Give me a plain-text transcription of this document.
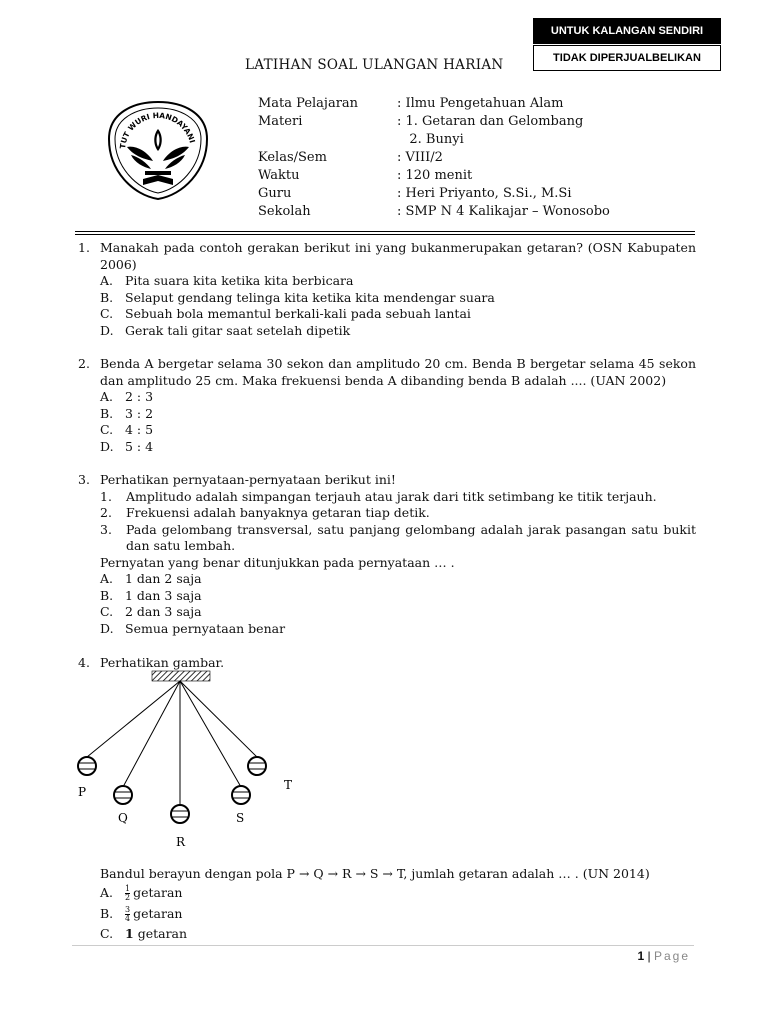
UNTUK KALANGAN SENDIRI
TIDAK DIPERJUALBELIKAN
LATIHAN SOAL ULANGAN HARIAN
TUT WURI HANDAYANI
Mata Pelajaran	: Ilmu Pengetahuan Alam
Materi	: 1. Getaran dan Gelombang
2. Bunyi
Kelas/Sem	: VIII/2
Waktu	: 120 menit
Guru	: Heri Priyanto, S.Si., M.Si
Sekolah	: SMP N 4 Kalikajar – Wonosobo
1. Manakah pada contoh gerakan berikut ini yang bukanmerupakan getaran? (OSN Kabupaten 2006)
A. Pita suara kita ketika kita berbicara
B. Selaput gendang telinga kita ketika kita mendengar suara
C. Sebuah bola memantul berkali-kali pada sebuah lantai
D. Gerak tali gitar saat setelah dipetik
2. Benda A bergetar selama 30 sekon dan amplitudo 20 cm. Benda B bergetar selama 45 sekon dan amplitudo 25 cm. Maka frekuensi benda A dibanding benda B adalah .... (UAN 2002)
A. 2 : 3
B. 3 : 2
C. 4 : 5
D. 5 : 4
3. Perhatikan pernyataan-pernyataan berikut ini!
1.	Amplitudo adalah simpangan terjauh atau jarak dari titk setimbang ke titik terjauh.
2.	Frekuensi adalah banyaknya getaran tiap detik.
3.	Pada gelombang transversal, satu panjang gelombang adalah jarak pasangan satu bukit dan satu lembah.
Pernyatan yang benar ditunjukkan pada pernyataan … .
A. 1 dan 2 saja
B. 1 dan 3 saja
C. 2 dan 3 saja
D. Semua pernyataan benar
4. Perhatikan gambar.
P
Q
R
S
T
Bandul berayun dengan pola P → Q → R → S → T, jumlah getaran adalah … . (UN 2014)
A.	$\frac{1}{2}$ getaran
B.	$\frac{3}{4}$ getaran
C. 1 getaran
1 | Page
